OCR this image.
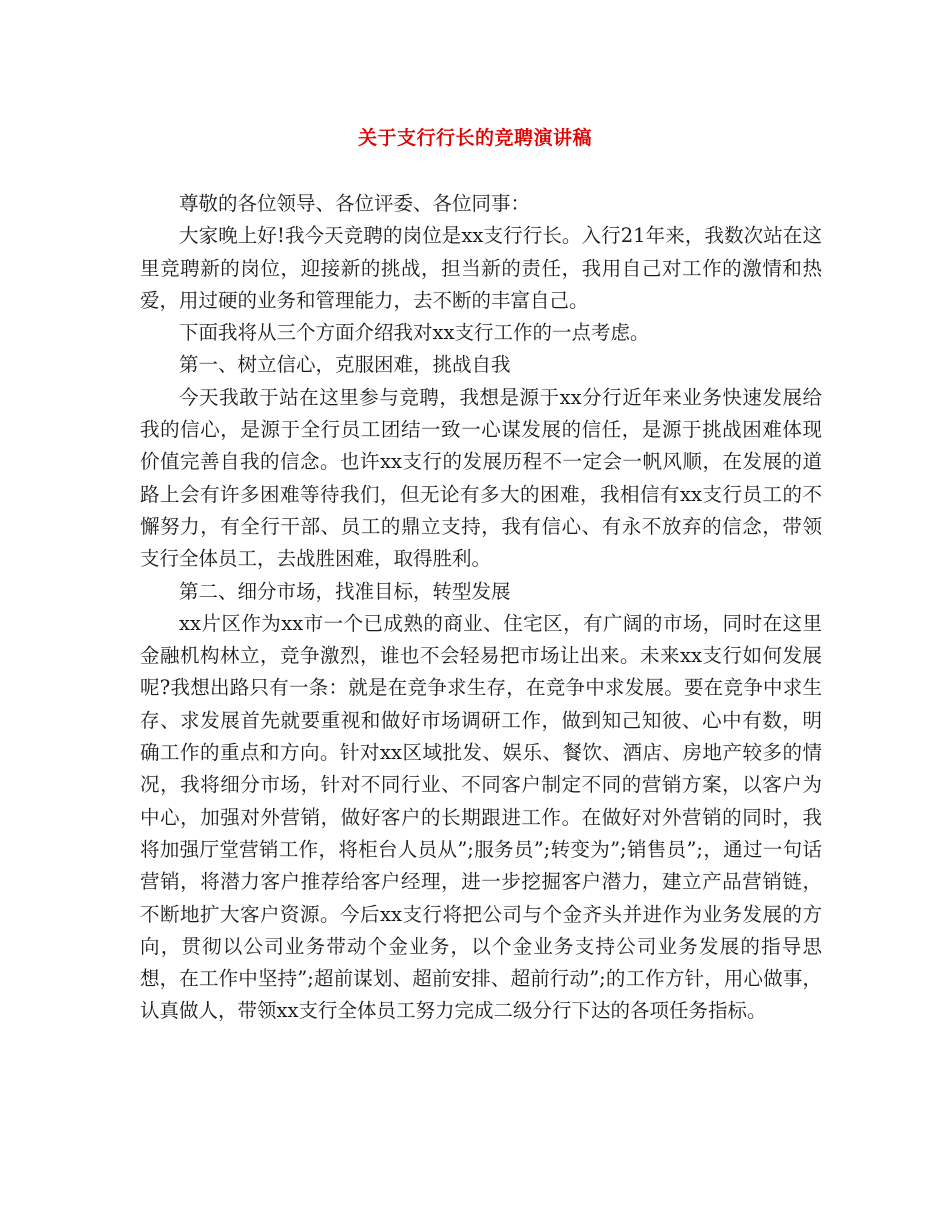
关于支行行长的竞聘演讲稿

尊敬的各位领导、各位评委、各位同事：

大家晚上好!我今天竞聘的岗位是xx支行行长。入行21年来，我数次站在这里竞聘新的岗位，迎接新的挑战，担当新的责任，我用自己对工作的激情和热爱，用过硬的业务和管理能力，去不断的丰富自己。

下面我将从三个方面介绍我对xx支行工作的一点考虑。

第一、树立信心，克服困难，挑战自我

今天我敢于站在这里参与竞聘，我想是源于xx分行近年来业务快速发展给我的信心，是源于全行员工团结一致一心谋发展的信任，是源于挑战困难体现价值完善自我的信念。也许xx支行的发展历程不一定会一帆风顺，在发展的道路上会有许多困难等待我们，但无论有多大的困难，我相信有xx支行员工的不懈努力，有全行干部、员工的鼎立支持，我有信心、有永不放弃的信念，带领支行全体员工，去战胜困难，取得胜利。

第二、细分市场，找准目标，转型发展

xx片区作为xx市一个已成熟的商业、住宅区，有广阔的市场，同时在这里金融机构林立，竞争激烈，谁也不会轻易把市场让出来。未来xx支行如何发展呢?我想出路只有一条：就是在竞争求生存，在竞争中求发展。要在竞争中求生存、求发展首先就要重视和做好市场调研工作，做到知己知彼、心中有数，明确工作的重点和方向。针对xx区域批发、娱乐、餐饮、酒店、房地产较多的情况，我将细分市场，针对不同行业、不同客户制定不同的营销方案，以客户为中心，加强对外营销，做好客户的长期跟进工作。在做好对外营销的同时，我将加强厅堂营销工作，将柜台人员从”;服务员”;转变为”;销售员”;，通过一句话营销，将潜力客户推荐给客户经理，进一步挖掘客户潜力，建立产品营销链，不断地扩大客户资源。今后xx支行将把公司与个金齐头并进作为业务发展的方向，贯彻以公司业务带动个金业务，以个金业务支持公司业务发展的指导思想，在工作中坚持”;超前谋划、超前安排、超前行动”;的工作方针，用心做事，认真做人，带领xx支行全体员工努力完成二级分行下达的各项任务指标。
